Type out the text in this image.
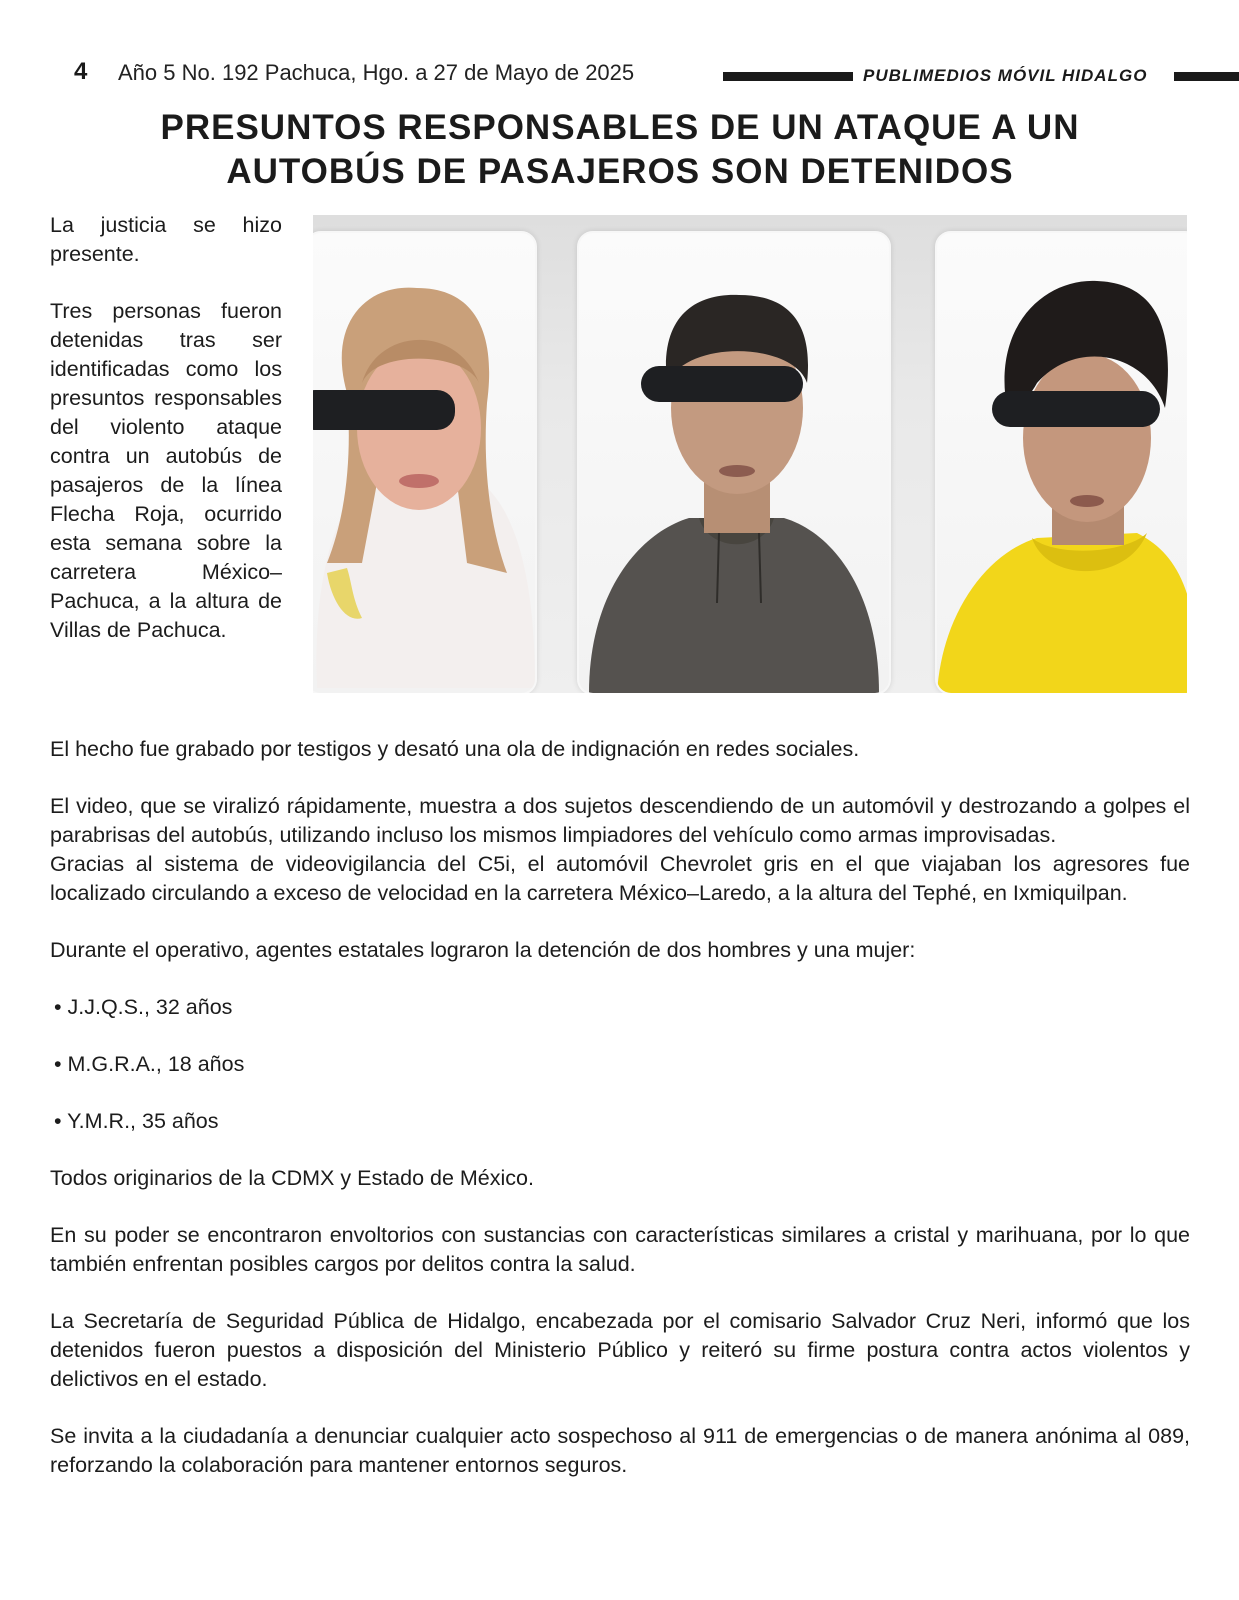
4 Año 5 No. 192 Pachuca, Hgo. a 27 de Mayo de 2025	PUBLIMEDIOS MÓVIL HIDALGO
PRESUNTOS RESPONSABLES DE UN ATAQUE A UN
AUTOBÚS DE PASAJEROS SON DETENIDOS

La justicia se hizo presente.

Tres personas fueron detenidas tras ser identificadas como los presuntos responsables del violento ataque contra un autobús de pasajeros de la línea Flecha Roja, ocurrido esta semana sobre la carretera México–Pachuca, a la altura de Villas de Pachuca.

El hecho fue grabado por testigos y desató una ola de indignación en redes sociales.

El video, que se viralizó rápidamente, muestra a dos sujetos descendiendo de un automóvil y destrozando a golpes el parabrisas del autobús, utilizando incluso los mismos limpiadores del vehículo como armas improvisadas.

Gracias al sistema de videovigilancia del C5i, el automóvil Chevrolet gris en el que viajaban los agresores fue localizado circulando a exceso de velocidad en la carretera México–Laredo, a la altura del Tephé, en Ixmiquilpan.

Durante el operativo, agentes estatales lograron la detención de dos hombres y una mujer:

• J.J.Q.S., 32 años

• M.G.R.A., 18 años

• Y.M.R., 35 años

Todos originarios de la CDMX y Estado de México.

En su poder se encontraron envoltorios con sustancias con características similares a cristal y marihuana, por lo que también enfrentan posibles cargos por delitos contra la salud.

La Secretaría de Seguridad Pública de Hidalgo, encabezada por el comisario Salvador Cruz Neri, informó que los detenidos fueron puestos a disposición del Ministerio Público y reiteró su firme postura contra actos violentos y delictivos en el estado.

Se invita a la ciudadanía a denunciar cualquier acto sospechoso al 911 de emergencias o de manera anónima al 089, reforzando la colaboración para mantener entornos seguros.
